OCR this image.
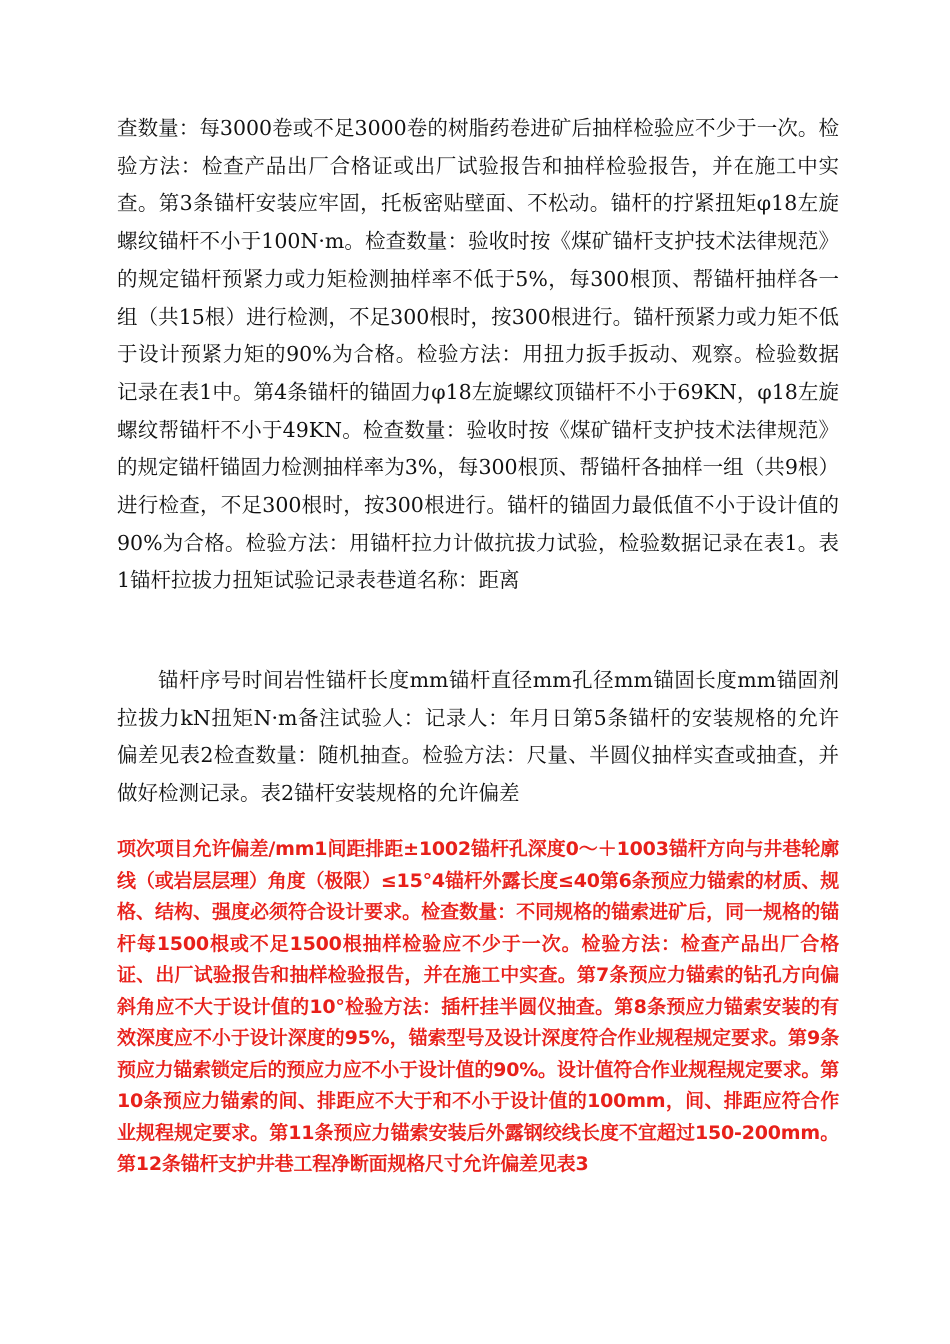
查数量：每3000卷或不足3000卷的树脂药卷进矿后抽样检验应不少于一次。检验方法：检查产品出厂合格证或出厂试验报告和抽样检验报告，并在施工中实查。第3条锚杆安装应牢固，托板密贴壁面、不松动。锚杆的拧紧扭矩φ18左旋螺纹锚杆不小于100N·m。检查数量：验收时按《煤矿锚杆支护技术法律规范》的规定锚杆预紧力或力矩检测抽样率不低于5%，每300根顶、帮锚杆抽样各一组（共15根）进行检测，不足300根时，按300根进行。锚杆预紧力或力矩不低于设计预紧力矩的90%为合格。检验方法：用扭力扳手扳动、观察。检验数据记录在表1中。第4条锚杆的锚固力φ18左旋螺纹顶锚杆不小于69KN，φ18左旋螺纹帮锚杆不小于49KN。检查数量：验收时按《煤矿锚杆支护技术法律规范》的规定锚杆锚固力检测抽样率为3%，每300根顶、帮锚杆各抽样一组（共9根）进行检查，不足300根时，按300根进行。锚杆的锚固力最低值不小于设计值的90%为合格。检验方法：用锚杆拉力计做抗拔力试验，检验数据记录在表1。表1锚杆拉拔力扭矩试验记录表巷道名称：距离

锚杆序号时间岩性锚杆长度mm锚杆直径mm孔径mm锚固长度mm锚固剂拉拔力kN扭矩N·m备注试验人：记录人：年月日第5条锚杆的安装规格的允许偏差见表2检查数量：随机抽查。检验方法：尺量、半圆仪抽样实查或抽查，并做好检测记录。表2锚杆安装规格的允许偏差

项次项目允许偏差/mm1间距排距±1002锚杆孔深度0～＋1003锚杆方向与井巷轮廓线（或岩层层理）角度（极限）≤15°4锚杆外露长度≤40第6条预应力锚索的材质、规格、结构、强度必须符合设计要求。检查数量：不同规格的锚索进矿后，同一规格的锚杆每1500根或不足1500根抽样检验应不少于一次。检验方法：检查产品出厂合格证、出厂试验报告和抽样检验报告，并在施工中实查。第7条预应力锚索的钻孔方向偏斜角应不大于设计值的10°检验方法：插杆挂半圆仪抽查。第8条预应力锚索安装的有效深度应不小于设计深度的95%，锚索型号及设计深度符合作业规程规定要求。第9条预应力锚索锁定后的预应力应不小于设计值的90%。设计值符合作业规程规定要求。第10条预应力锚索的间、排距应不大于和不小于设计值的100mm，间、排距应符合作业规程规定要求。第11条预应力锚索安装后外露钢绞线长度不宜超过150-200mm。第12条锚杆支护井巷工程净断面规格尺寸允许偏差见表3
